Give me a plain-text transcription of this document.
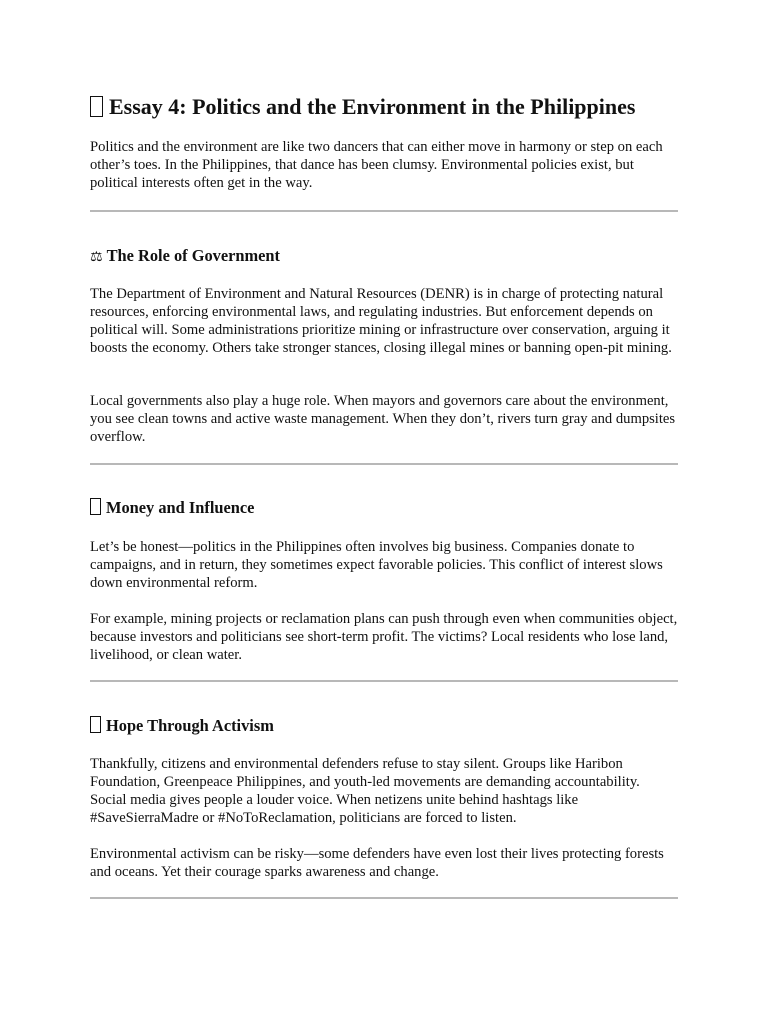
Essay 4: Politics and the Environment in the Philippines

Politics and the environment are like two dancers that can either move in harmony or step on each other’s toes. In the Philippines, that dance has been clumsy. Environmental policies exist, but political interests often get in the way.

⚖ The Role of Government

The Department of Environment and Natural Resources (DENR) is in charge of protecting natural resources, enforcing environmental laws, and regulating industries. But enforcement depends on political will. Some administrations prioritize mining or infrastructure over conservation, arguing it boosts the economy. Others take stronger stances, closing illegal mines or banning open-pit mining.

Local governments also play a huge role. When mayors and governors care about the environment, you see clean towns and active waste management. When they don’t, rivers turn gray and dumpsites overflow.

Money and Influence

Let’s be honest—politics in the Philippines often involves big business. Companies donate to campaigns, and in return, they sometimes expect favorable policies. This conflict of interest slows down environmental reform.

For example, mining projects or reclamation plans can push through even when communities object, because investors and politicians see short-term profit. The victims? Local residents who lose land, livelihood, or clean water.

Hope Through Activism

Thankfully, citizens and environmental defenders refuse to stay silent. Groups like Haribon Foundation, Greenpeace Philippines, and youth-led movements are demanding accountability. Social media gives people a louder voice. When netizens unite behind hashtags like #SaveSierraMadre or #NoToReclamation, politicians are forced to listen.

Environmental activism can be risky—some defenders have even lost their lives protecting forests and oceans. Yet their courage sparks awareness and change.
